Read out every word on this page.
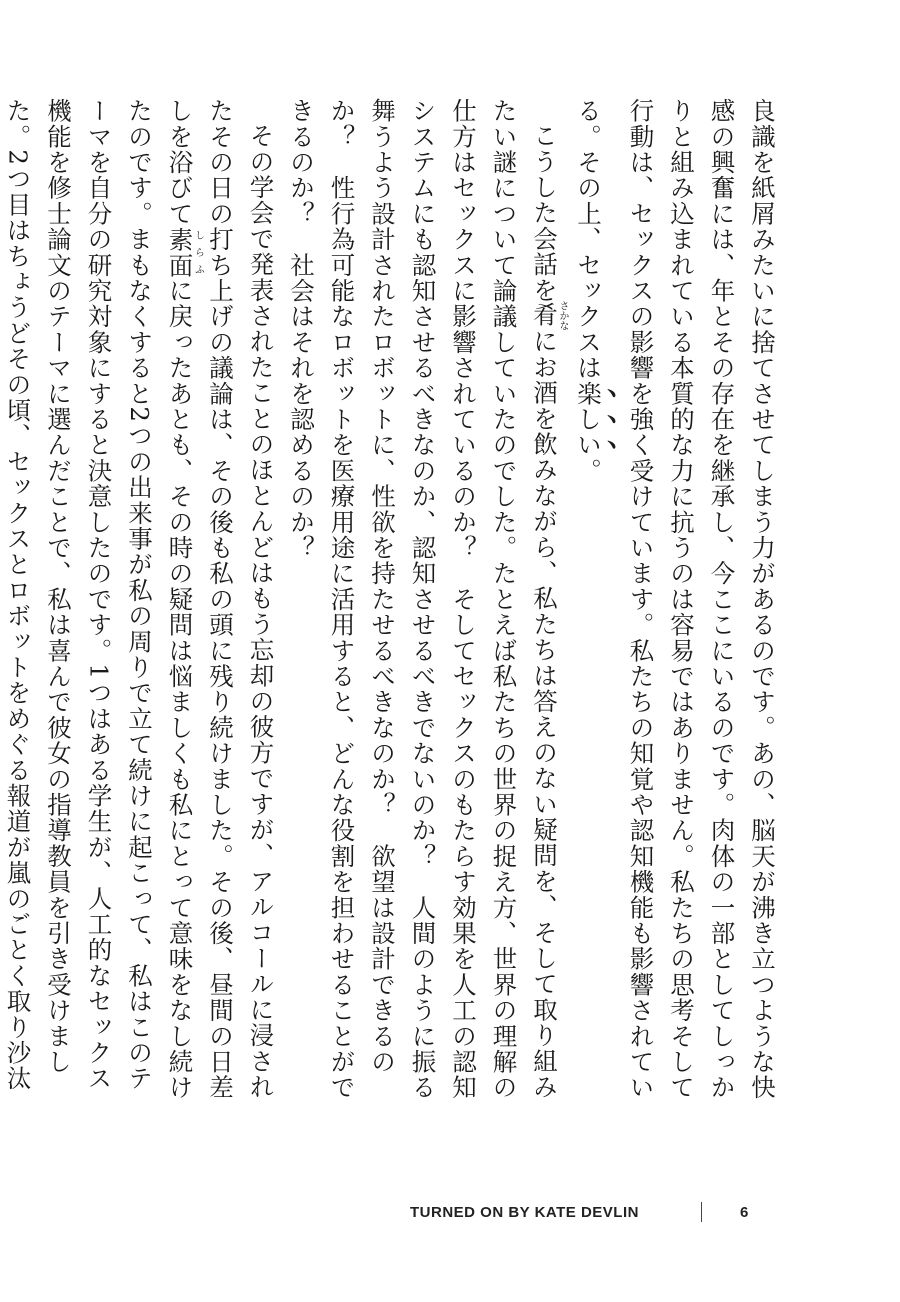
良識を紙屑みたいに捨てさせてしまう力があるのです。あの、脳天が沸き立つような快感の興奮には、年とその存在を継承し、今ここにいるのです。肉体の一部としてしっかりと組み込まれている本質的な力に抗うのは容易ではありません。私たちの思考そして行動は、セックスの影響を強く受けています。私たちの知覚や認知機能も影響されている。その上、セックスは楽しい。

こうした会話を肴さかなにお酒を飲みながら、私たちは答えのない疑問を、そして取り組みたい謎について論議していたのでした。たとえば私たちの世界の捉え方、世界の理解の仕方はセックスに影響されているのか？　そしてセックスのもたらす効果を人工の認知システムにも認知させるべきなのか、認知させるべきでないのか？　人間のように振る舞うよう設計されたロボットに、性欲を持たせるべきなのか？　欲望は設計できるのか？　性行為可能なロボットを医療用途に活用すると、どんな役割を担わせることができるのか？　社会はそれを認めるのか？

その学会で発表されたことのほとんどはもう忘却の彼方ですが、アルコールに浸されたその日の打ち上げの議論は、その後も私の頭に残り続けました。その後、昼間の日差しを浴びて素面しらふに戻ったあとも、その時の疑問は悩ましくも私にとって意味をなし続けたのです。まもなくすると2つの出来事が私の周りで立て続けに起こって、私はこのテーマを自分の研究対象にすると決意したのです。1つはある学生が、人工的なセックス機能を修士論文のテーマに選んだことで、私は喜んで彼女の指導教員を引き受けました。2つ目はちょうどその頃、セックスとロボットをめぐる報道が嵐のごとく取り沙汰

TURNED ON BY KATE DEVLIN	6
